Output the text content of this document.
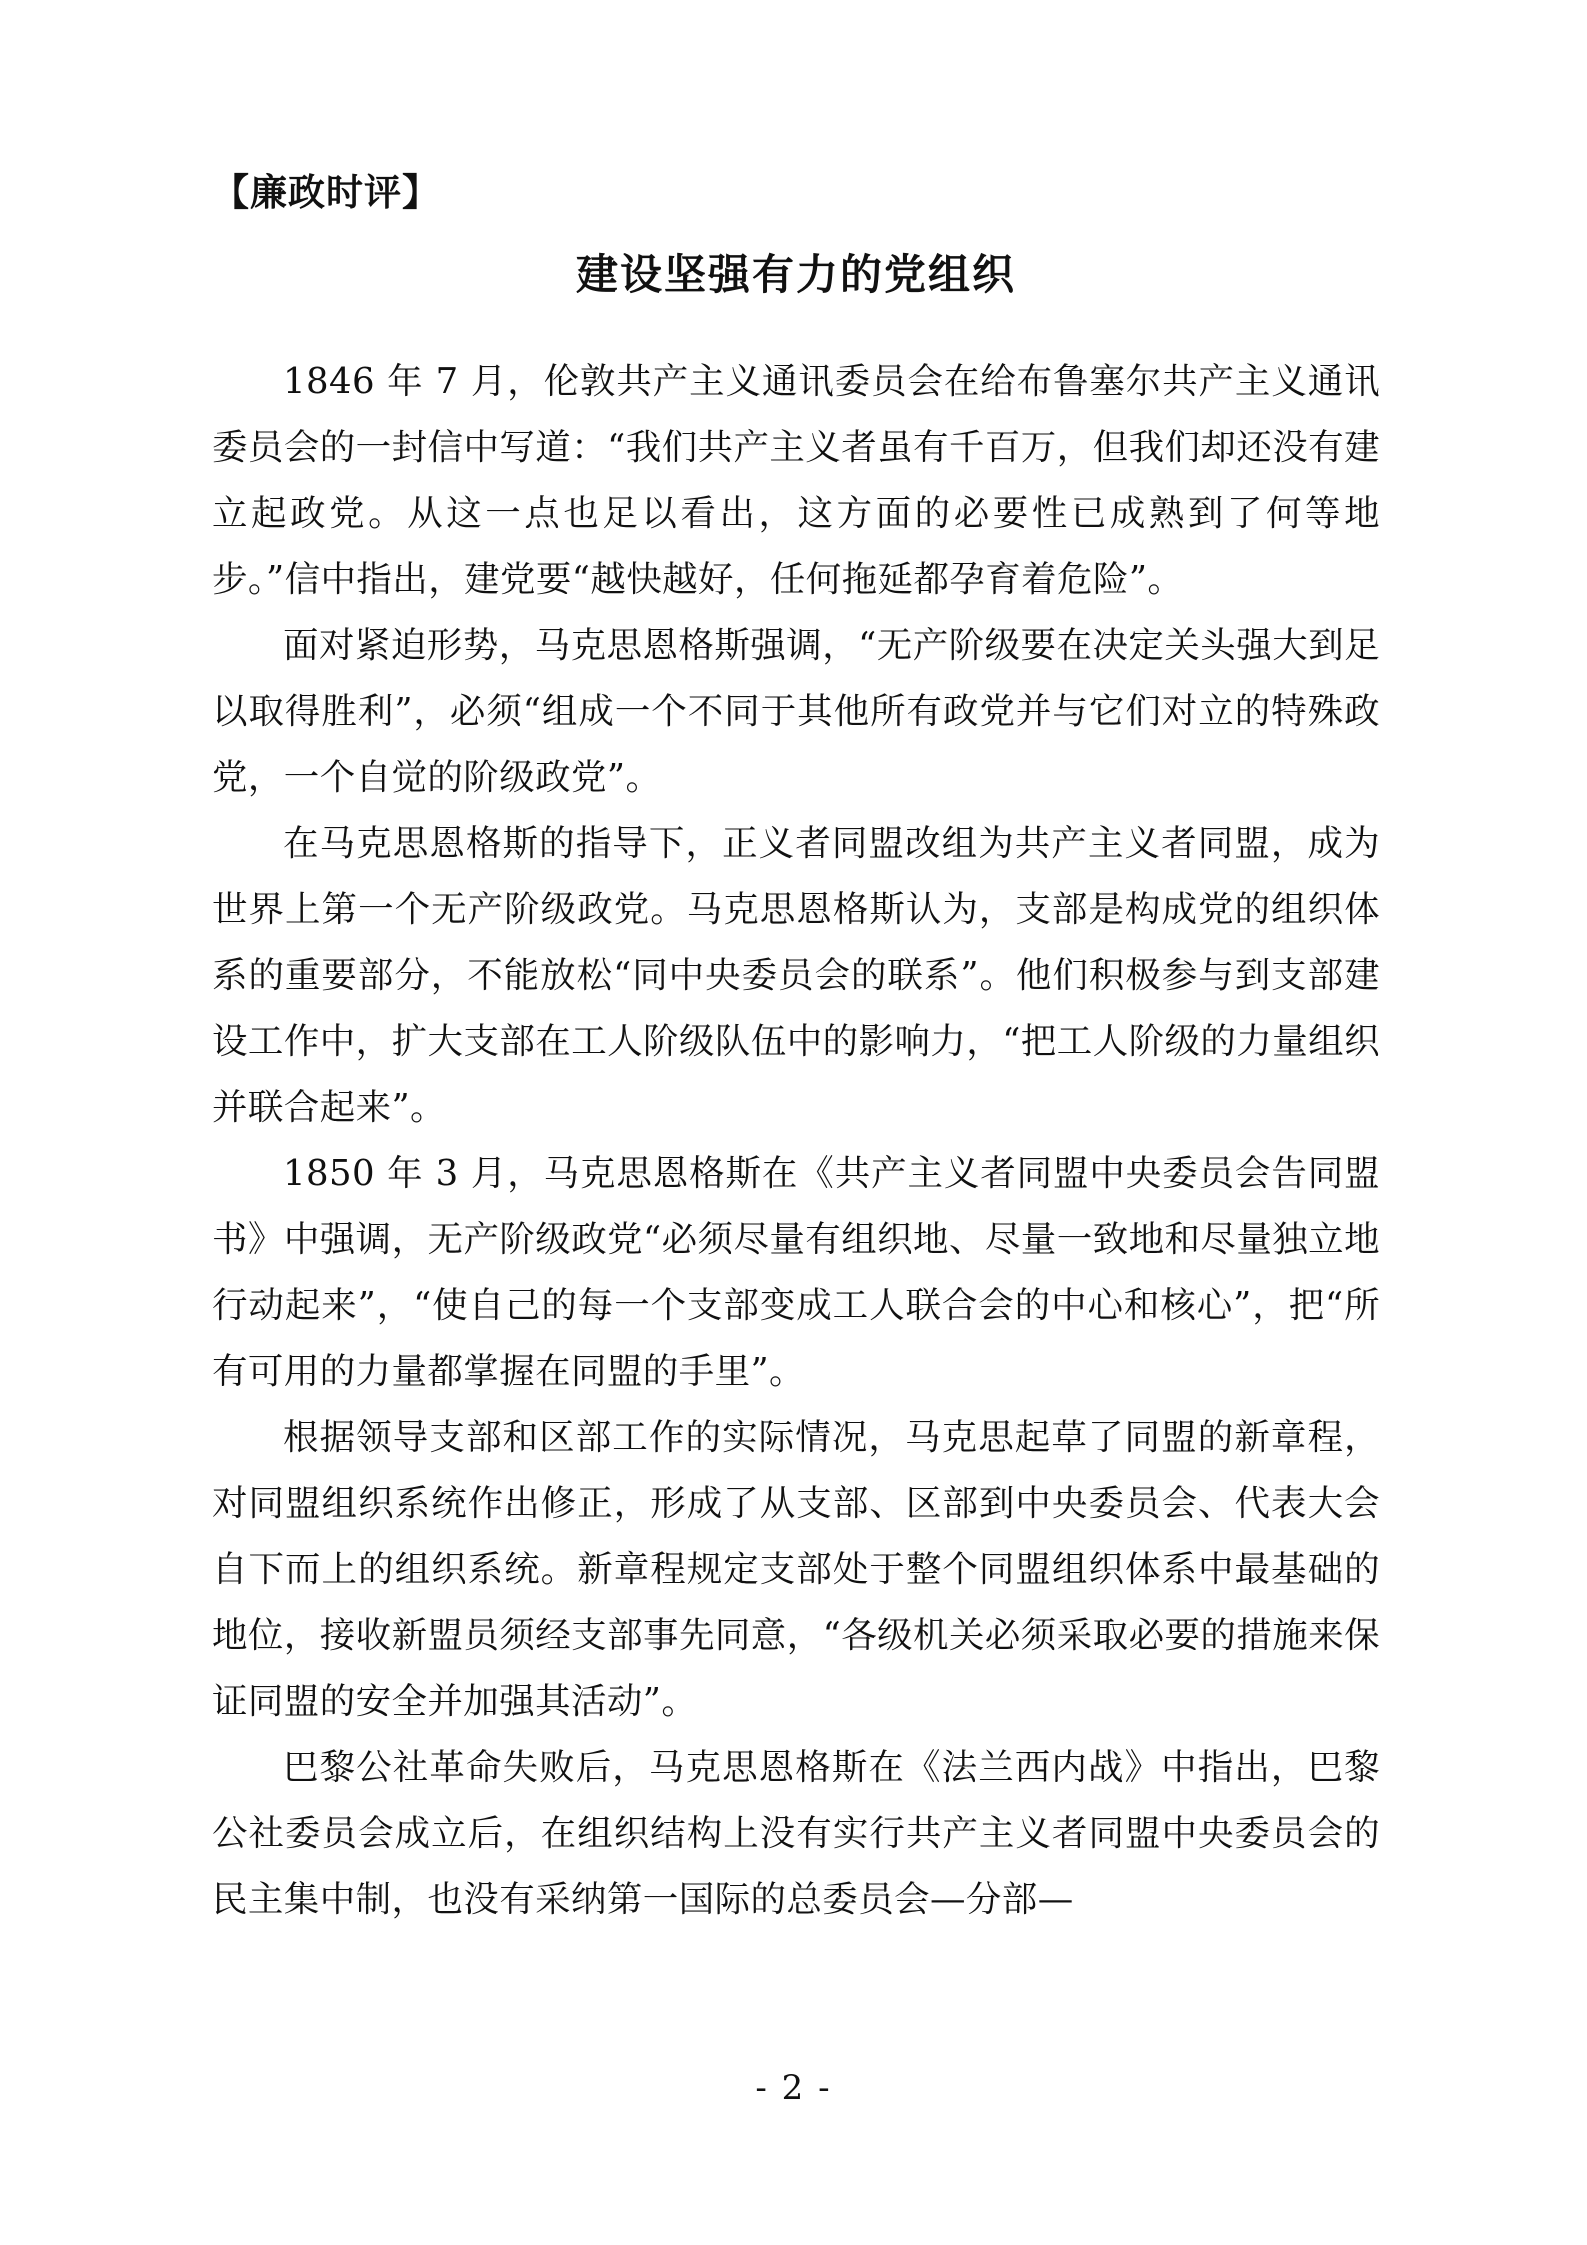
【廉政时评】
建设坚强有力的党组织

1846 年 7 月，伦敦共产主义通讯委员会在给布鲁塞尔共产主义通讯委员会的一封信中写道：“我们共产主义者虽有千百万，但我们却还没有建立起政党。从这一点也足以看出，这方面的必要性已成熟到了何等地步。”信中指出，建党要“越快越好，任何拖延都孕育着危险”。

面对紧迫形势，马克思恩格斯强调，“无产阶级要在决定关头强大到足以取得胜利”，必须“组成一个不同于其他所有政党并与它们对立的特殊政党，一个自觉的阶级政党”。

在马克思恩格斯的指导下，正义者同盟改组为共产主义者同盟，成为世界上第一个无产阶级政党。马克思恩格斯认为，支部是构成党的组织体系的重要部分，不能放松“同中央委员会的联系”。他们积极参与到支部建设工作中，扩大支部在工人阶级队伍中的影响力，“把工人阶级的力量组织并联合起来”。

1850 年 3 月，马克思恩格斯在《共产主义者同盟中央委员会告同盟书》中强调，无产阶级政党“必须尽量有组织地、尽量一致地和尽量独立地行动起来”，“使自己的每一个支部变成工人联合会的中心和核心”，把“所有可用的力量都掌握在同盟的手里”。

根据领导支部和区部工作的实际情况，马克思起草了同盟的新章程，对同盟组织系统作出修正，形成了从支部、区部到中央委员会、代表大会自下而上的组织系统。新章程规定支部处于整个同盟组织体系中最基础的地位，接收新盟员须经支部事先同意，“各级机关必须采取必要的措施来保证同盟的安全并加强其活动”。

巴黎公社革命失败后，马克思恩格斯在《法兰西内战》中指出，巴黎公社委员会成立后，在组织结构上没有实行共产主义者同盟中央委员会的民主集中制，也没有采纳第一国际的总委员会—分部—

- 2 -
